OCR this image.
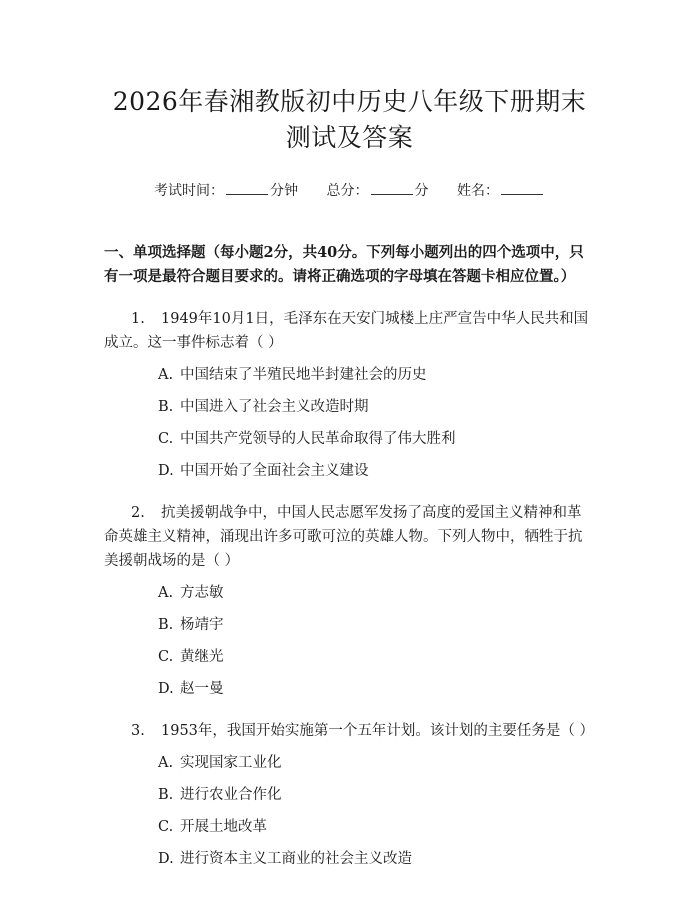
2026年春湘教版初中历史八年级下册期末测试及答案
考试时间：	分钟 总分：	分 姓名：
一、单项选择题（每小题2分，共40分。下列每小题列出的四个选项中，只有一项是最符合题目要求的。请将正确选项的字母填在答题卡相应位置。）
1. 1949年10月1日，毛泽东在天安门城楼上庄严宣告中华人民共和国成立。这一事件标志着（ ）
A. 中国结束了半殖民地半封建社会的历史
B. 中国进入了社会主义改造时期
C. 中国共产党领导的人民革命取得了伟大胜利
D. 中国开始了全面社会主义建设
2. 抗美援朝战争中，中国人民志愿军发扬了高度的爱国主义精神和革命英雄主义精神，涌现出许多可歌可泣的英雄人物。下列人物中，牺牲于抗美援朝战场的是（ ）
A. 方志敏
B. 杨靖宇
C. 黄继光
D. 赵一曼
3. 1953年，我国开始实施第一个五年计划。该计划的主要任务是（ ）
A. 实现国家工业化
B. 进行农业合作化
C. 开展土地改革
D. 进行资本主义工商业的社会主义改造
